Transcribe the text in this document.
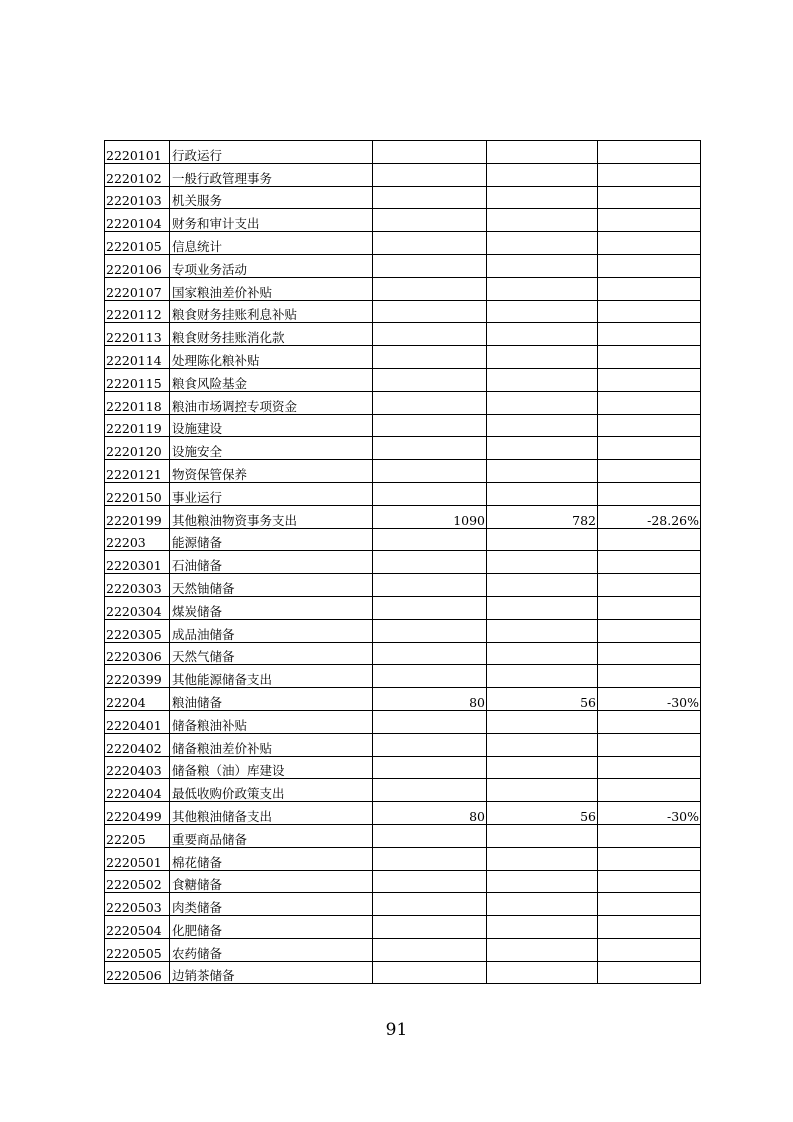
2220101	行政运行			
2220102	一般行政管理事务			
2220103	机关服务			
2220104	财务和审计支出			
2220105	信息统计			
2220106	专项业务活动			
2220107	国家粮油差价补贴			
2220112	粮食财务挂账利息补贴			
2220113	粮食财务挂账消化款			
2220114	处理陈化粮补贴			
2220115	粮食风险基金			
2220118	粮油市场调控专项资金			
2220119	设施建设			
2220120	设施安全			
2220121	物资保管保养			
2220150	事业运行			
2220199	其他粮油物资事务支出	1090	782	-28.26%
22203	能源储备			
2220301	石油储备			
2220303	天然铀储备			
2220304	煤炭储备			
2220305	成品油储备			
2220306	天然气储备			
2220399	其他能源储备支出			
22204	粮油储备	80	56	-30%
2220401	储备粮油补贴			
2220402	储备粮油差价补贴			
2220403	储备粮（油）库建设			
2220404	最低收购价政策支出			
2220499	其他粮油储备支出	80	56	-30%
22205	重要商品储备			
2220501	棉花储备			
2220502	食糖储备			
2220503	肉类储备			
2220504	化肥储备			
2220505	农药储备			
2220506	边销茶储备			
91
